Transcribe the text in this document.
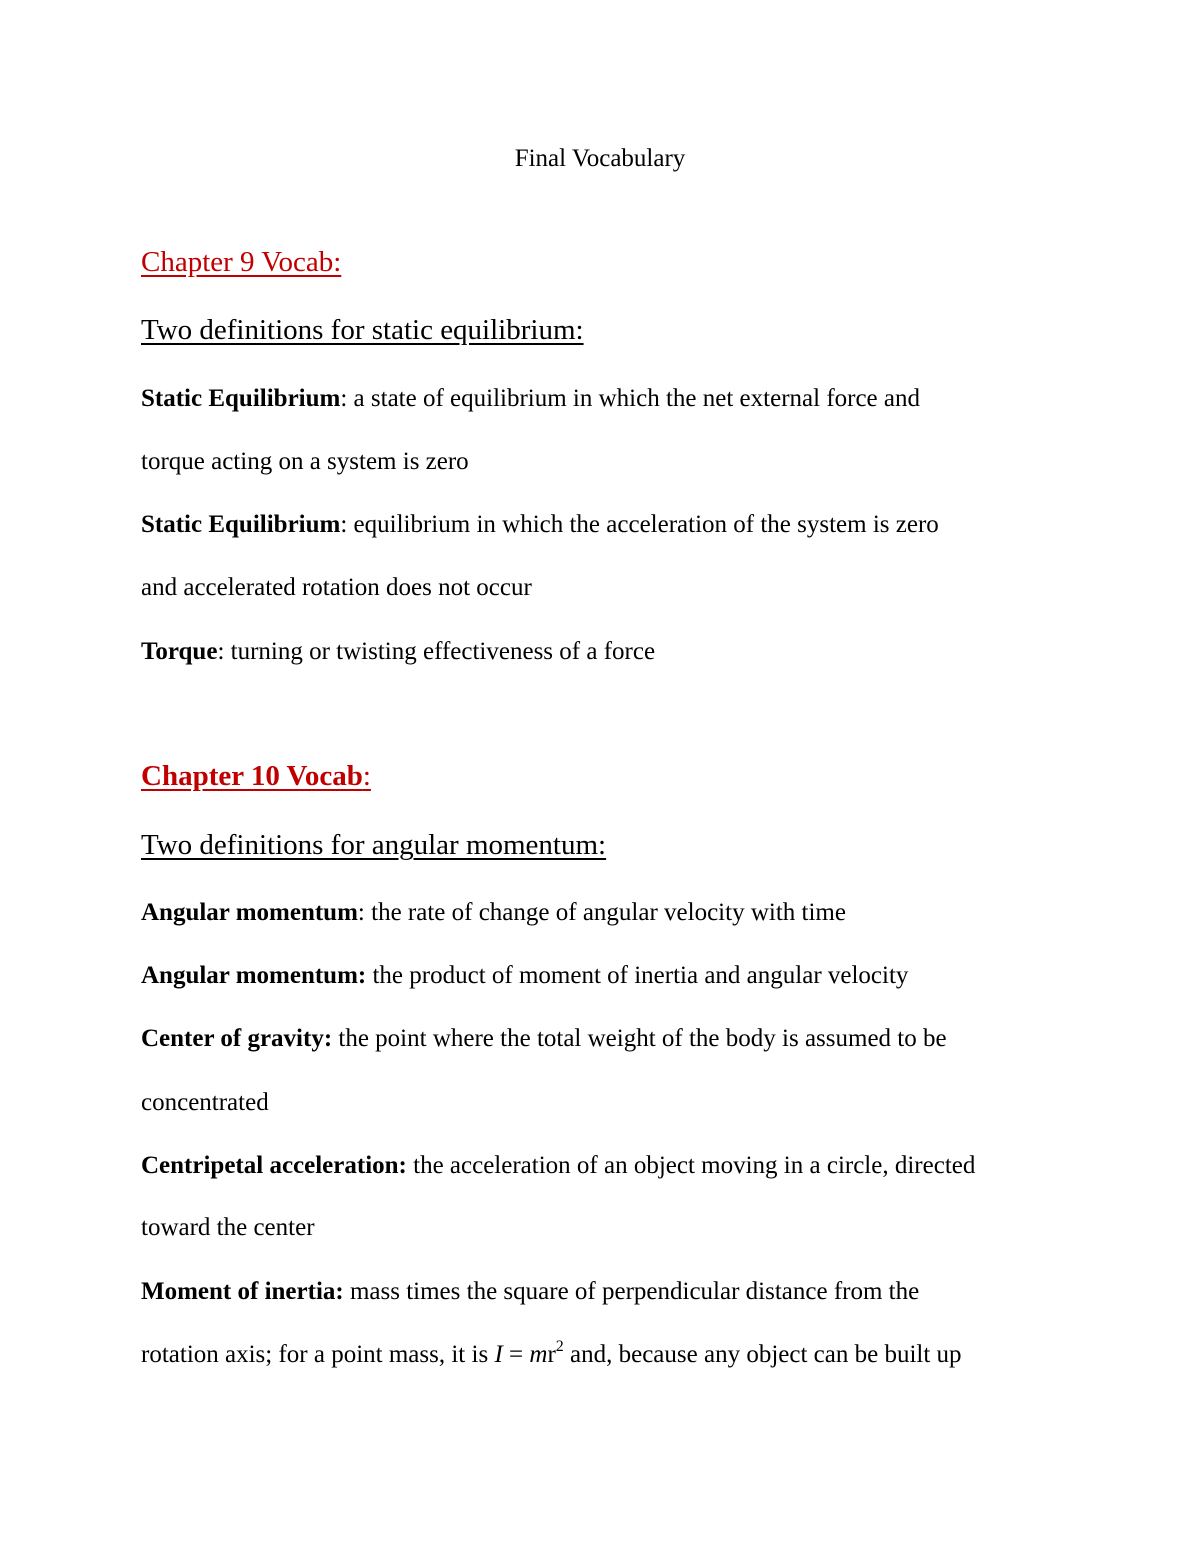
Final Vocabulary
Chapter 9 Vocab:
Two definitions for static equilibrium:
Static Equilibrium: a state of equilibrium in which the net external force and
torque acting on a system is zero
Static Equilibrium: equilibrium in which the acceleration of the system is zero
and accelerated rotation does not occur
Torque: turning or twisting effectiveness of a force
Chapter 10 Vocab:
Two definitions for angular momentum:
Angular momentum: the rate of change of angular velocity with time
Angular momentum: the product of moment of inertia and angular velocity
Center of gravity: the point where the total weight of the body is assumed to be
concentrated
Centripetal acceleration: the acceleration of an object moving in a circle, directed
toward the center
Moment of inertia: mass times the square of perpendicular distance from the
rotation axis; for a point mass, it is $I = mr^2$ and, because any object can be built up
